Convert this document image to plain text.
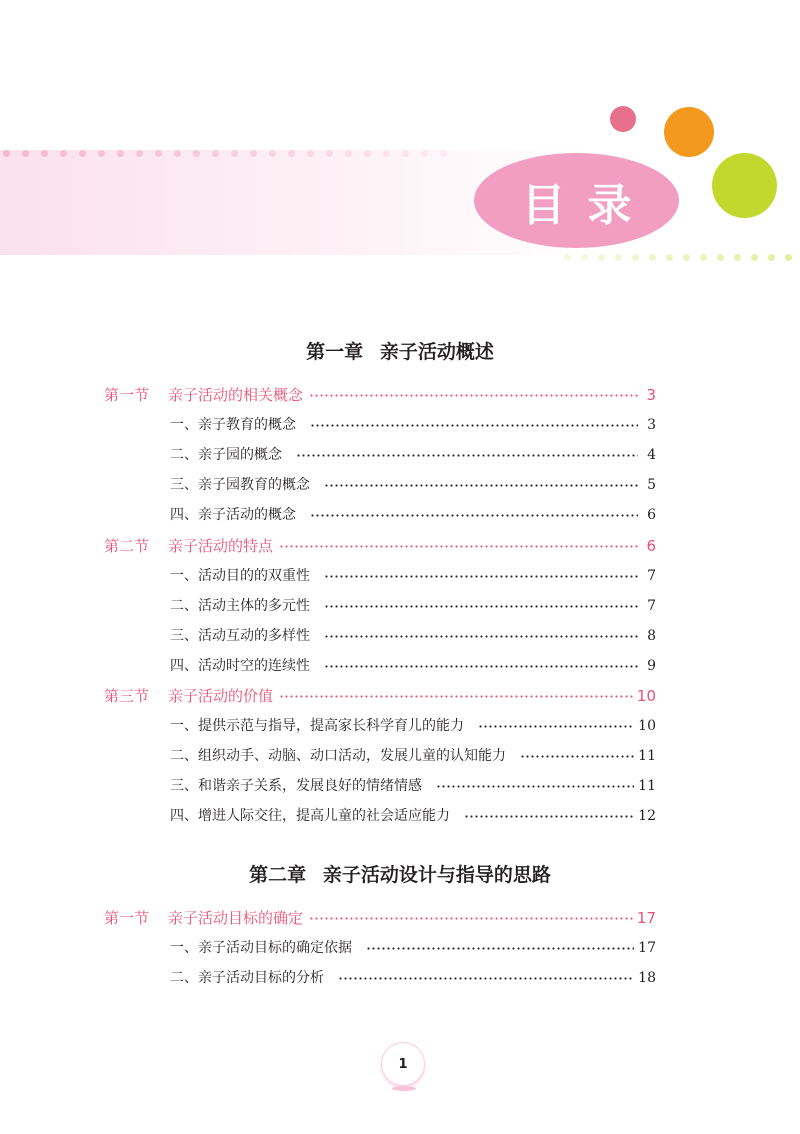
目录
第一章 亲子活动概述
第一节	亲子活动的相关概念	3
一、亲子教育的概念	3
二、亲子园的概念	4
三、亲子园教育的概念	5
四、亲子活动的概念	6
第二节	亲子活动的特点	6
一、活动目的的双重性	7
二、活动主体的多元性	7
三、活动互动的多样性	8
四、活动时空的连续性	9
第三节	亲子活动的价值	10
一、提供示范与指导，提高家长科学育儿的能力	10
二、组织动手、动脑、动口活动，发展儿童的认知能力	11
三、和谐亲子关系，发展良好的情绪情感	11
四、增进人际交往，提高儿童的社会适应能力	12
第二章 亲子活动设计与指导的思路
第一节	亲子活动目标的确定	17
一、亲子活动目标的确定依据	17
二、亲子活动目标的分析	18
1
